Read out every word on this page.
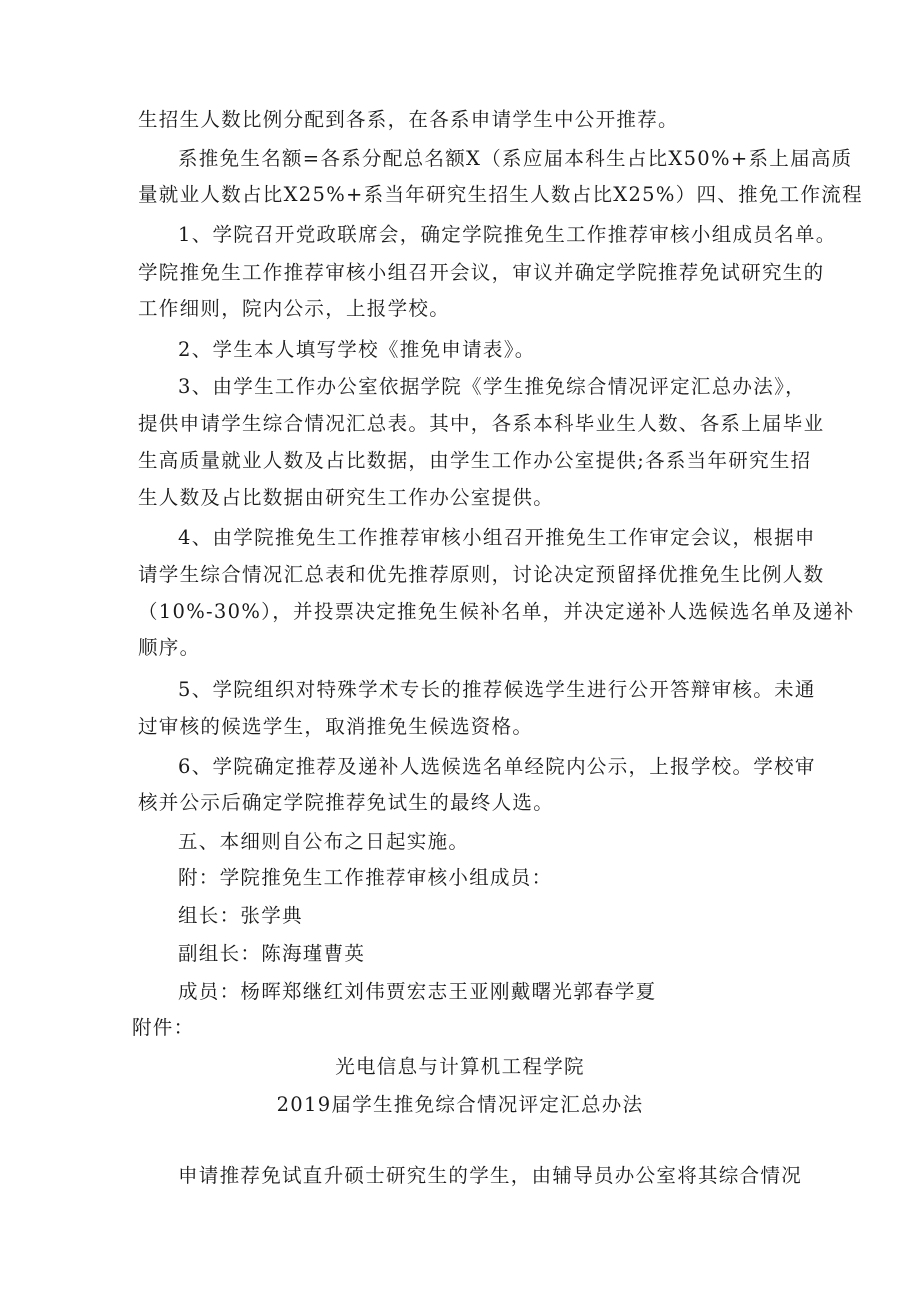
生招生人数比例分配到各系，在各系申请学生中公开推荐。
系推免生名额=各系分配总名额X（系应届本科生占比X50%+系上届高质
量就业人数占比X25%+系当年研究生招生人数占比X25%）四、推免工作流程
1、学院召开党政联席会，确定学院推免生工作推荐审核小组成员名单。
学院推免生工作推荐审核小组召开会议，审议并确定学院推荐免试研究生的
工作细则，院内公示，上报学校。
2、学生本人填写学校《推免申请表》。
3、由学生工作办公室依据学院《学生推免综合情况评定汇总办法》，
提供申请学生综合情况汇总表。其中，各系本科毕业生人数、各系上届毕业
生高质量就业人数及占比数据，由学生工作办公室提供;各系当年研究生招
生人数及占比数据由研究生工作办公室提供。
4、由学院推免生工作推荐审核小组召开推免生工作审定会议，根据申
请学生综合情况汇总表和优先推荐原则，讨论决定预留择优推免生比例人数
（10%-30%），并投票决定推免生候补名单，并决定递补人选候选名单及递补
顺序。
5、学院组织对特殊学术专长的推荐候选学生进行公开答辩审核。未通
过审核的候选学生，取消推免生候选资格。
6、学院确定推荐及递补人选候选名单经院内公示，上报学校。学校审
核并公示后确定学院推荐免试生的最终人选。
五、本细则自公布之日起实施。
附：学院推免生工作推荐审核小组成员：
组长：张学典
副组长：陈海瑾曹英
成员：杨晖郑继红刘伟贾宏志王亚刚戴曙光郭春学夏
附件：
光电信息与计算机工程学院
2019届学生推免综合情况评定汇总办法
申请推荐免试直升硕士研究生的学生，由辅导员办公室将其综合情况
